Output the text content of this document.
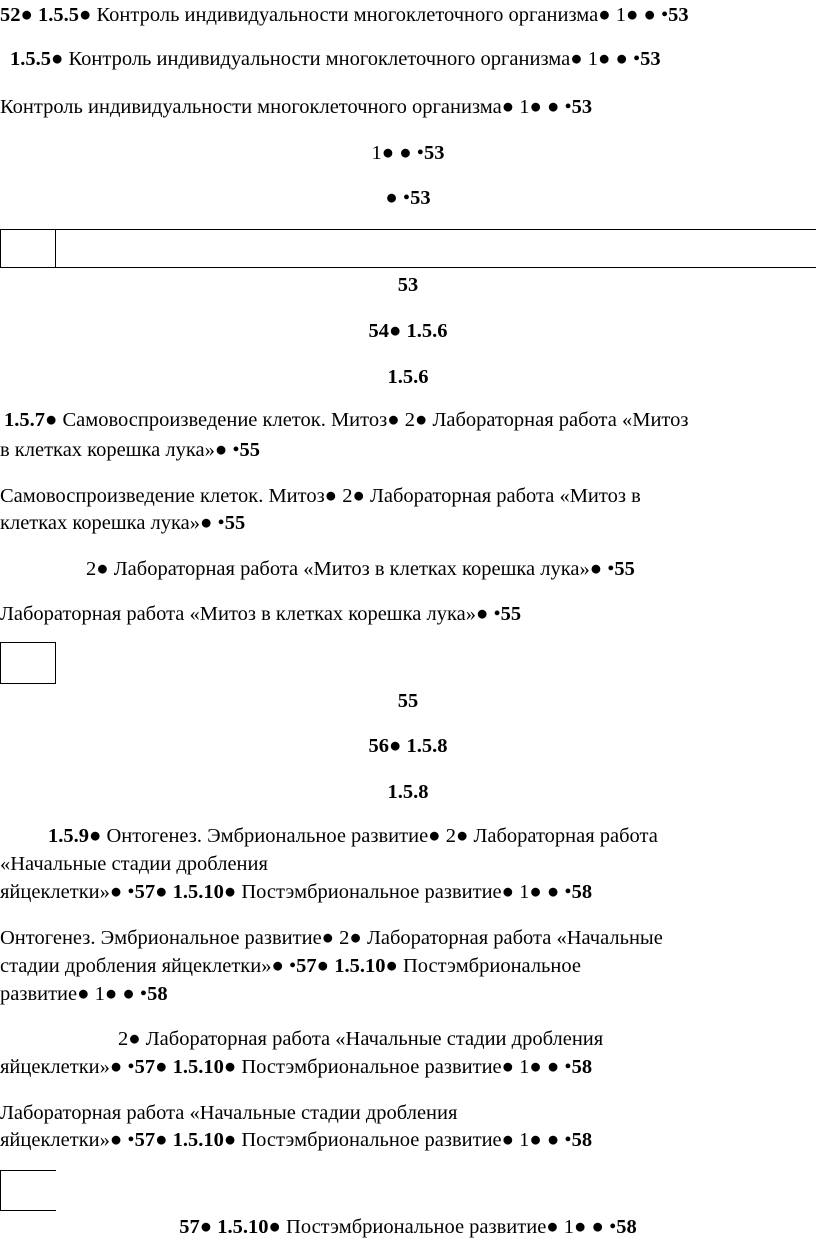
52● 1.5.5● Контроль индивидуальности многоклеточного организма● 1● ● •53
1.5.5● Контроль индивидуальности многоклеточного организма● 1● ● •53
Контроль индивидуальности многоклеточного организма● 1● ● •53
1● ● •53
● •53
53
54● 1.5.6
1.5.6
1.5.7● Самовоспроизведение клеток. Митоз● 2● Лабораторная работа «Митоз
в клетках корешка лука»● •55
Самовоспроизведение клеток. Митоз● 2● Лабораторная работа «Митоз в
клетках корешка лука»● •55
2● Лабораторная работа «Митоз в клетках корешка лука»● •55
Лабораторная работа «Митоз в клетках корешка лука»● •55
55
56● 1.5.8
1.5.8
1.5.9● Онтогенез. Эмбриональное развитие● 2● Лабораторная работа
«Начальные стадии дробления
яйцеклетки»● •57● 1.5.10● Постэмбриональное развитие● 1● ● •58
Онтогенез. Эмбриональное развитие● 2● Лабораторная работа «Начальные
стадии дробления яйцеклетки»● •57● 1.5.10● Постэмбриональное
развитие● 1● ● •58
2● Лабораторная работа «Начальные стадии дробления
яйцеклетки»● •57● 1.5.10● Постэмбриональное развитие● 1● ● •58
Лабораторная работа «Начальные стадии дробления
яйцеклетки»● •57● 1.5.10● Постэмбриональное развитие● 1● ● •58
57● 1.5.10● Постэмбриональное развитие● 1● ● •58
